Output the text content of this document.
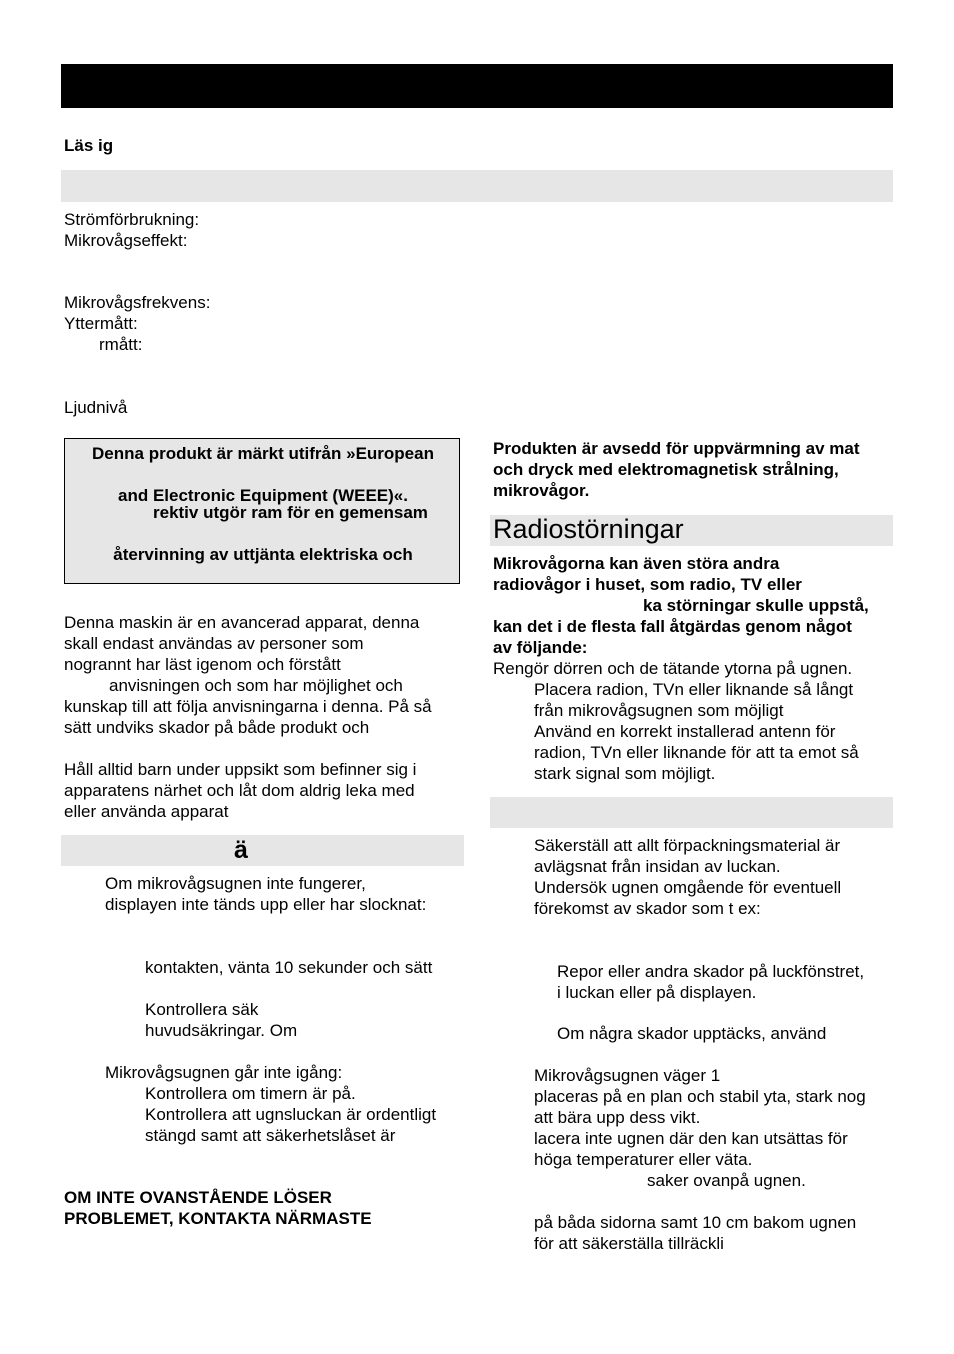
Läs ig
Strömförbrukning:
Mikrovågseffekt:
Mikrovågsfrekvens:
Yttermått:
rmått:
Ljudnivå
Denna produkt är märkt utifrån »European
and Electronic Equipment (WEEE)«.
rektiv utgör ram för en gemensam
återvinning av uttjänta elektriska och
Denna maskin är en avancerad apparat, denna
skall endast användas av personer som
nogrannt har läst igenom och förstått
anvisningen och som har möjlighet och
kunskap till att följa anvisningarna i denna. På så
sätt undviks skador på både produkt och
Håll alltid barn under uppsikt som befinner sig i
apparatens närhet och låt dom aldrig leka med
eller använda apparat
ä
Om mikrovågsugnen inte fungerer,
displayen inte tänds upp eller har slocknat:
kontakten, vänta 10 sekunder och sätt
Kontrollera säk
huvudsäkringar. Om
Mikrovågsugnen går inte igång:
Kontrollera om timern är på.
Kontrollera att ugnsluckan är ordentligt
stängd samt att säkerhetslåset är
OM INTE OVANSTÅENDE LÖSER
PROBLEMET, KONTAKTA NÄRMASTE
Produkten är avsedd för uppvärmning av mat
och dryck med elektromagnetisk strålning,
mikrovågor.
Radiostörningar
Mikrovågorna kan även störa andra
radiovågor i huset, som radio, TV eller
ka störningar skulle uppstå,
kan det i de flesta fall åtgärdas genom något
av följande:
Rengör dörren och de tätande ytorna på ugnen.
Placera radion, TVn eller liknande så långt
från mikrovågsugnen som möjligt
Använd en korrekt installerad antenn för
radion, TVn eller liknande för att ta emot så
stark signal som möjligt.
Säkerställ att allt förpackningsmaterial är
avlägsnat från insidan av luckan.
Undersök ugnen omgående för eventuell
förekomst av skador som t ex:
Repor eller andra skador på luckfönstret,
i luckan eller på displayen.
Om några skador upptäcks, använd
Mikrovågsugnen väger 1
placeras på en plan och stabil yta, stark nog
att bära upp dess vikt.
lacera inte ugnen där den kan utsättas för
höga temperaturer eller väta.
saker ovanpå ugnen.
på båda sidorna samt 10 cm bakom ugnen
för att säkerställa tillräckli
